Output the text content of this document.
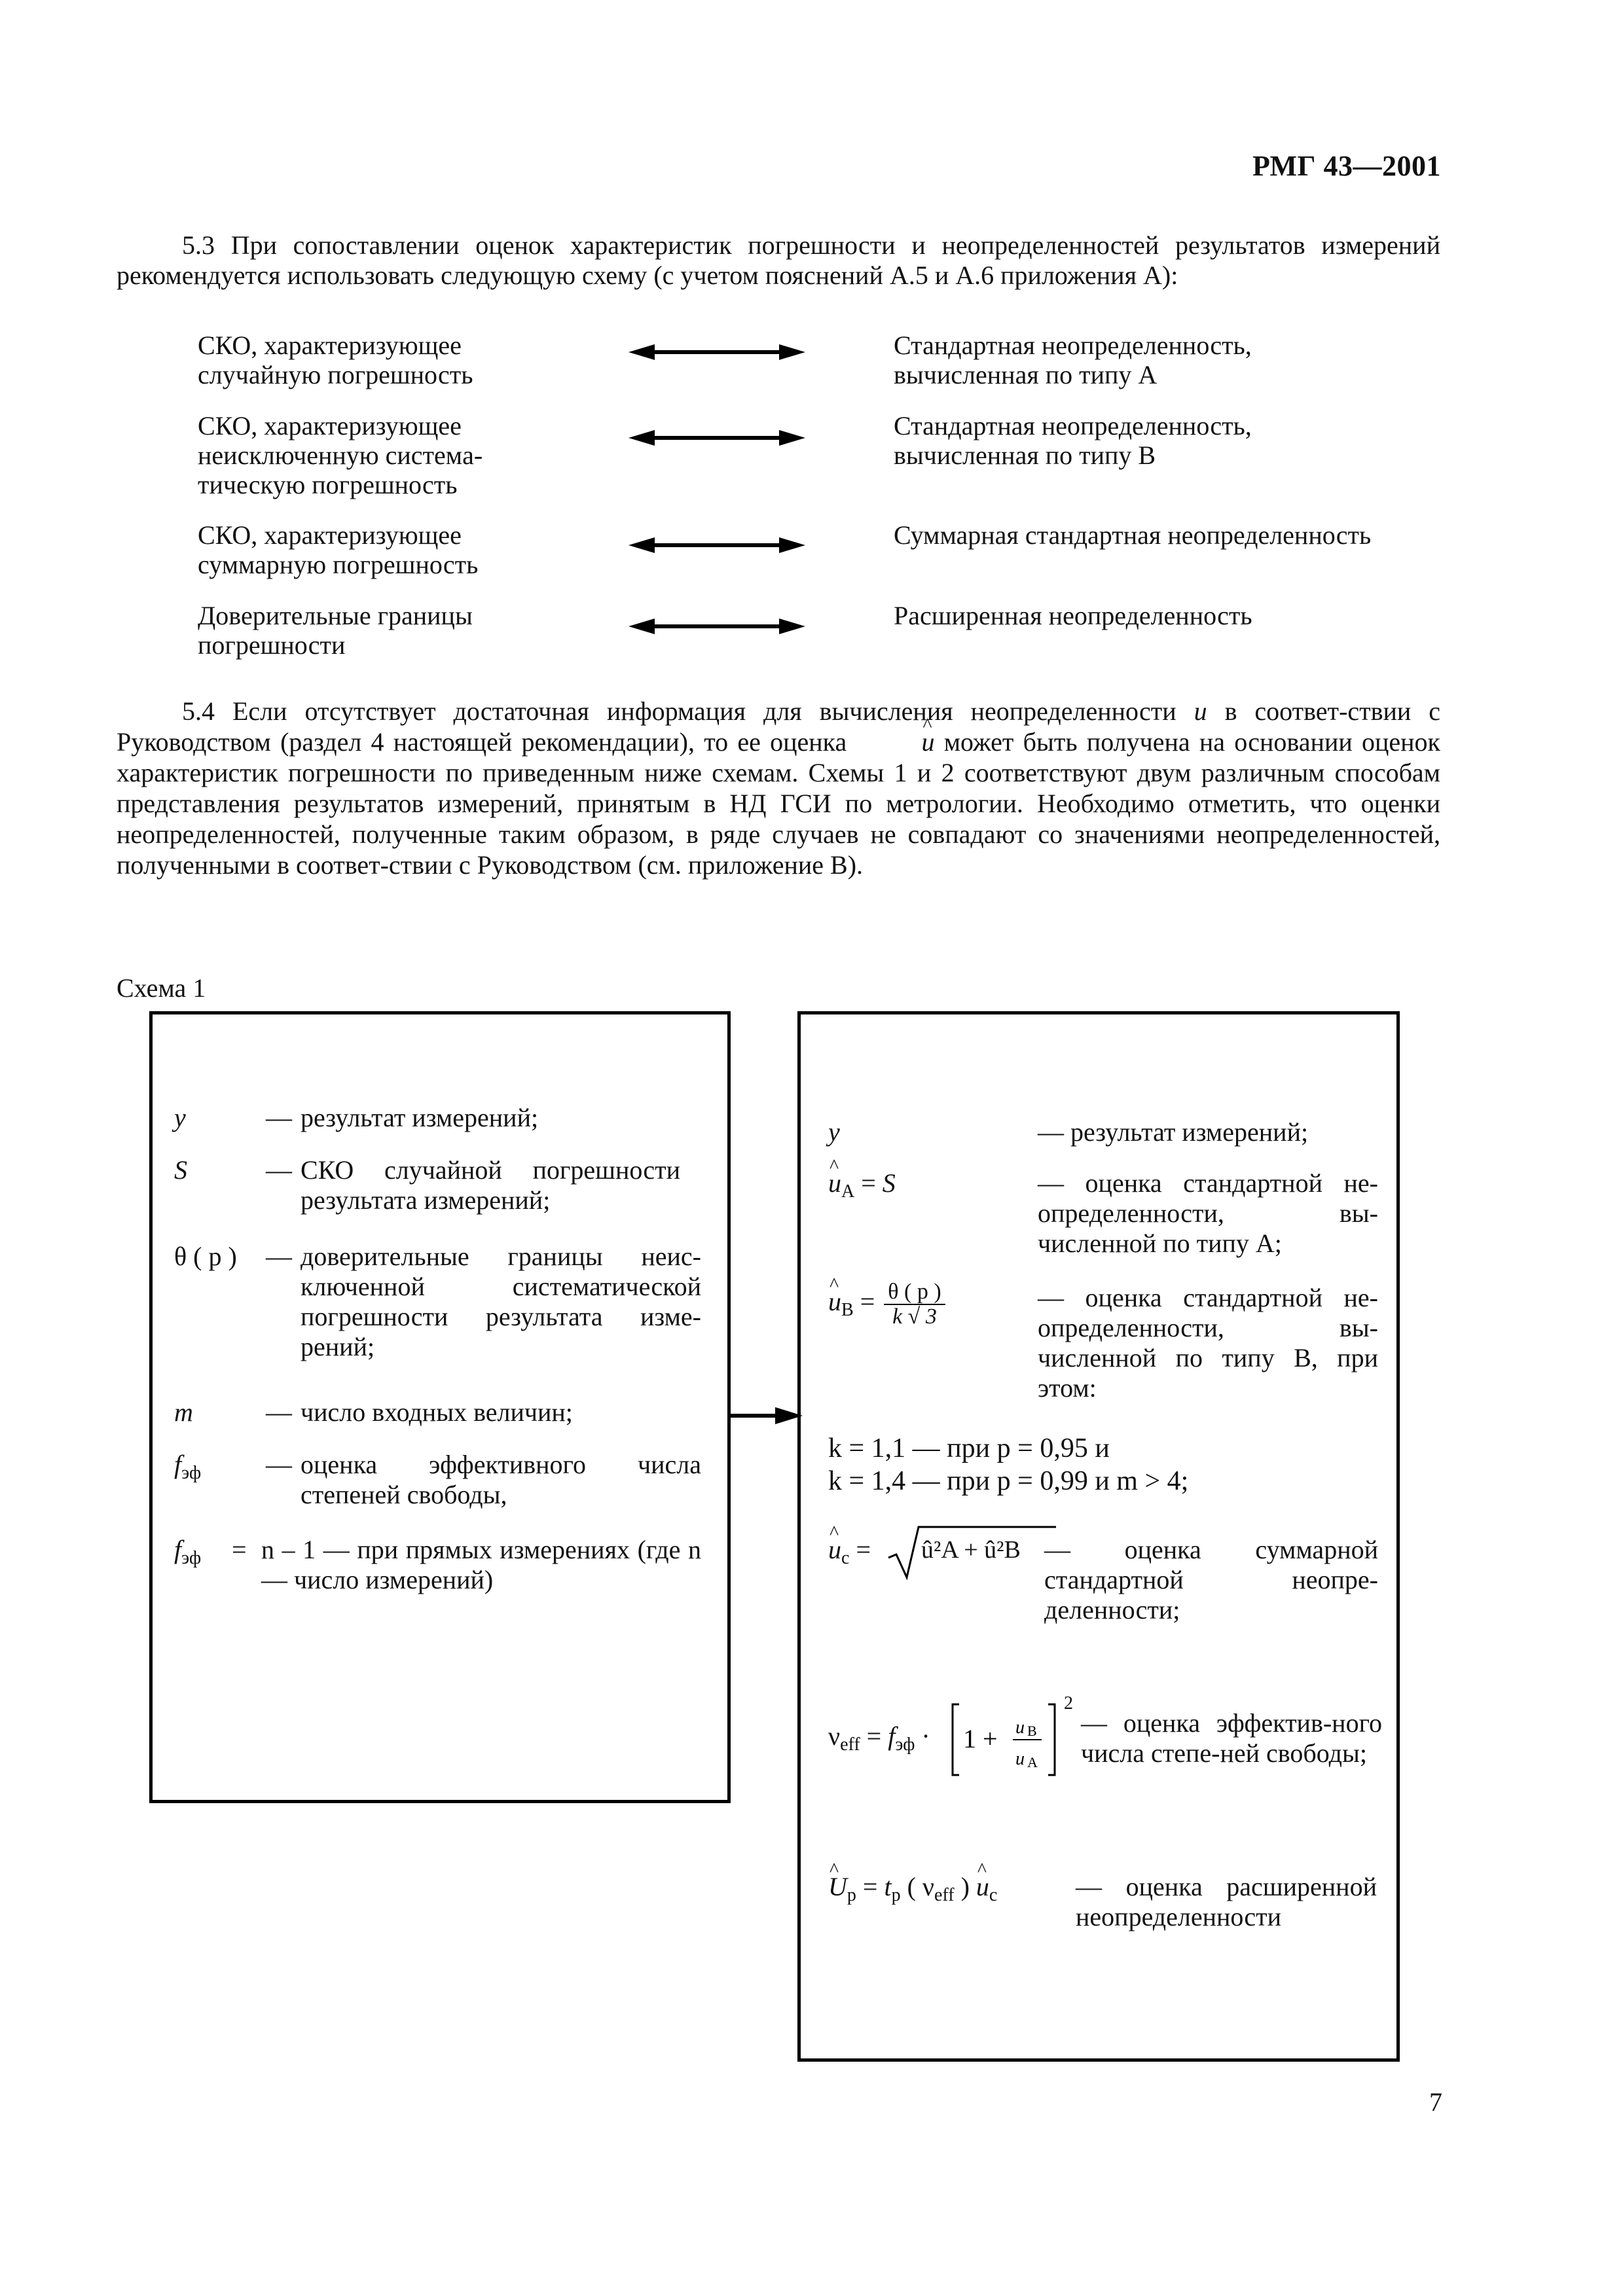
РМГ 43—2001

5.3 При сопоставлении оценок характеристик погрешности и неопределенностей результатов измерений рекомендуется использовать следующую схему (с учетом пояснений А.5 и А.6 приложения А):

СКО, характеризующее случайную погрешность
Стандартная неопределенность, вычисленная по типу А
СКО, характеризующее неисключенную системa-тическую погрешность
Стандартная неопределенность, вычисленная по типу В
СКО, характеризующее суммарную погрешность
Суммарная стандартная неопределенность
Доверительные границы погрешности
Расширенная неопределенность

5.4 Если отсутствует достаточная информация для вычисления неопределенности u в соответ-ствии с Руководством (раздел 4 настоящей рекомендации), то ее оценка ^	u может быть получена на основании оценок характеристик погрешности по приведенным ниже схемам. Схемы 1 и 2 соответствуют двум различным способам представления результатов измерений, принятым в НД ГСИ по метрологии. Необходимо отметить, что оценки неопределенностей, полученные таким образом, в ряде случаев не совпадают со значениями неопределенностей, полученными в соответ-ствии с Руководством (см. приложение В).

Схема 1
y	— результат измерений;
S	— СКО случайной погрешности результата измерений;
θ ( p ) — доверительные границы неис-ключенной систематической погрешности результата изме-рений;
m	— число входных величин;
$f_{эф}$ — оценка эффективного числа степеней свободы,
$f_{эф} = n - 1$ — при прямых измерениях (где n — число измерений)
y	— результат измерений;
^ $u_A = S$	— оценка стандартной не-определенности, вы-численной по типу А;
^ $u_B = \frac{\theta ( p )}{k √ 3}$	— оценка стандартной не-определенности, вы-численной по типу В, при этом:
k = 1,1 — при p = 0,95 и
k = 1,4 — при p = 0,99 и m > 4;
^ $u_c$ = û²A + û²B — оценка суммарной стандартной неопре-деленности;
$\nu_{eff} = f_{эф} \cdot 1 + u$ B
u A
2
— оценка эффектив-ного числа степе-ней свободы;
^ $U_p = t_p$ ( $\nu_{eff}$ ) ^ $u_c$	— оценка расширенной неопределенности
7
